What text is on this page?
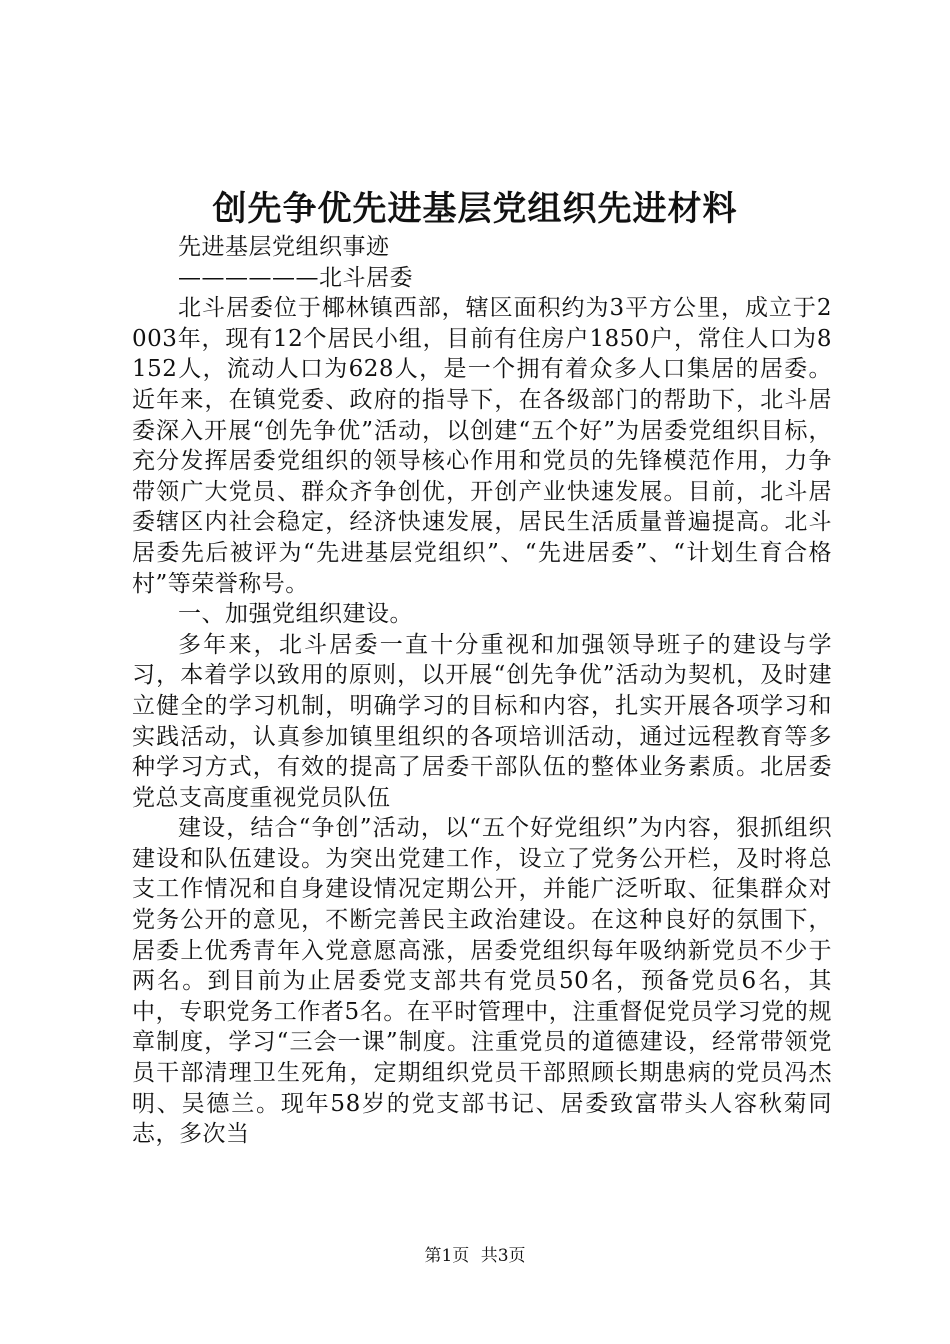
创先争优先进基层党组织先进材料

先进基层党组织事迹

——————北斗居委

北斗居委位于椰林镇西部，辖区面积约为3平方公里，成立于2003年，现有12个居民小组，目前有住房户1850户，常住人口为8152人，流动人口为628人，是一个拥有着众多人口集居的居委。近年来，在镇党委、政府的指导下，在各级部门的帮助下，北斗居委深入开展“创先争优”活动，以创建“五个好”为居委党组织目标，充分发挥居委党组织的领导核心作用和党员的先锋模范作用，力争带领广大党员、群众齐争创优，开创产业快速发展。目前，北斗居委辖区内社会稳定，经济快速发展，居民生活质量普遍提高。北斗居委先后被评为“先进基层党组织”、“先进居委”、“计划生育合格村”等荣誉称号。

一、加强党组织建设。

多年来，北斗居委一直十分重视和加强领导班子的建设与学习，本着学以致用的原则，以开展“创先争优”活动为契机，及时建立健全的学习机制，明确学习的目标和内容，扎实开展各项学习和实践活动，认真参加镇里组织的各项培训活动，通过远程教育等多种学习方式，有效的提高了居委干部队伍的整体业务素质。北居委党总支高度重视党员队伍

建设，结合“争创”活动，以“五个好党组织”为内容，狠抓组织建设和队伍建设。为突出党建工作，设立了党务公开栏，及时将总支工作情况和自身建设情况定期公开，并能广泛听取、征集群众对党务公开的意见，不断完善民主政治建设。在这种良好的氛围下，居委上优秀青年入党意愿高涨，居委党组织每年吸纳新党员不少于两名。到目前为止居委党支部共有党员50名，预备党员6名，其中，专职党务工作者5名。在平时管理中，注重督促党员学习党的规章制度，学习“三会一课”制度。注重党员的道德建设，经常带领党员干部清理卫生死角，定期组织党员干部照顾长期患病的党员冯杰明、吴德兰。现年58岁的党支部书记、居委致富带头人容秋菊同志，多次当

第1页 共3页
